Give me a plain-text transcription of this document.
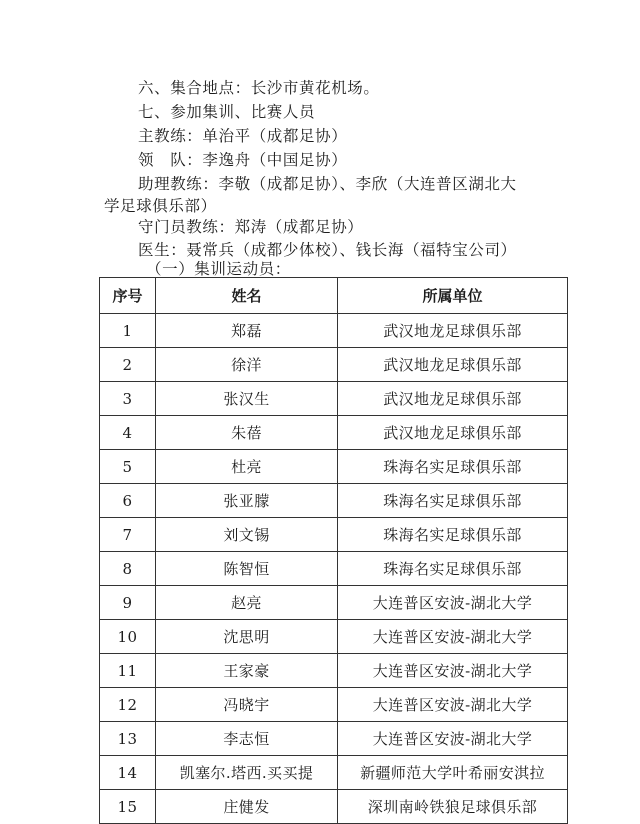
六、集合地点：长沙市黄花机场。
七、参加集训、比赛人员
主教练：单治平（成都足协）
领　队：李逸舟（中国足协）
助理教练：李敬（成都足协）、李欣（大连普区湖北大
学足球俱乐部）
守门员教练：郑涛（成都足协）
医生：聂常兵（成都少体校）、钱长海（福特宝公司）
（一）集训运动员：
序号	姓名	所属单位
1	郑磊	武汉地龙足球俱乐部
2	徐洋	武汉地龙足球俱乐部
3	张汉生	武汉地龙足球俱乐部
4	朱蓓	武汉地龙足球俱乐部
5	杜亮	珠海名实足球俱乐部
6	张亚朦	珠海名实足球俱乐部
7	刘文锡	珠海名实足球俱乐部
8	陈智恒	珠海名实足球俱乐部
9	赵亮	大连普区安波-湖北大学
10	沈思明	大连普区安波-湖北大学
11	王家豪	大连普区安波-湖北大学
12	冯晓宇	大连普区安波-湖北大学
13	李志恒	大连普区安波-湖北大学
14	凯塞尔.塔西.买买提	新疆师范大学叶希丽安淇拉
15	庄健发	深圳南岭铁狼足球俱乐部
